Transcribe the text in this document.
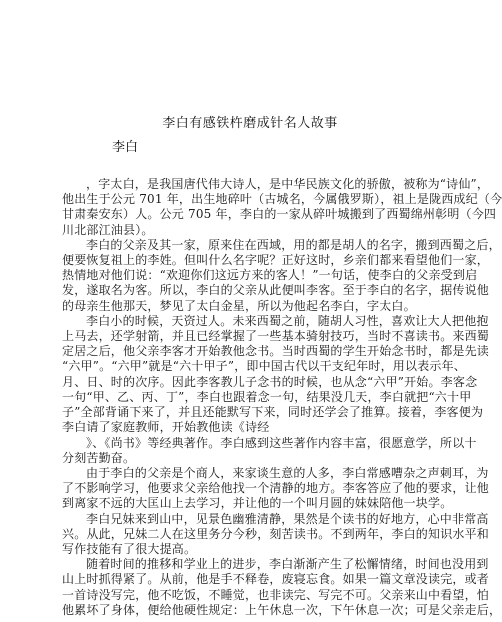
李白有感铁杵磨成针名人故事
李白
，字太白，是我国唐代伟大诗人，是中华民族文化的骄傲，被称为“诗仙”，
他出生于公元 701 年，出生地碎叶（古城名，今属俄罗斯），祖上是陇西成纪（今
甘肃秦安东）人。公元 705 年，李白的一家从碎叶城搬到了西蜀绵州彰明（今四
川北部江油县）。
李白的父亲及其一家，原来住在西域，用的都是胡人的名字，搬到西蜀之后，
便要恢复祖上的李姓。但叫什么名字呢？正好这时，乡亲们都来看望他们一家，
热情地对他们说：“欢迎你们这远方来的客人！”一句话，使李白的父亲受到启
发，遂取名为客。所以，李白的父亲从此便叫李客。至于李白的名字，据传说他
的母亲生他那天，梦见了太白金星，所以为他起名李白，字太白。
李白小的时候，天资过人。未来西蜀之前，随胡人习性，喜欢让大人把他抱
上马去，还学射箭，并且已经掌握了一些基本骑射技巧，当时不喜读书。来西蜀
定居之后，他父亲李客才开始教他念书。当时西蜀的学生开始念书时，都是先读
“六甲”。“六甲”就是“六十甲子”，即中国古代以干支纪年时，用以表示年、
月、日、时的次序。因此李客教儿子念书的时候，也从念“六甲”开始。李客念
一句“甲、乙、丙、丁”，李白也跟着念一句，结果没几天，李白就把“六十甲
子”全部背诵下来了，并且还能默写下来，同时还学会了推算。接着，李客便为
李白请了家庭教师，开始教他读《诗经
》、《尚书》等经典著作。李白感到这些著作内容丰富，很愿意学，所以十
分刻苦勤奋。
由于李白的父亲是个商人，来家谈生意的人多，李白常感嘈杂之声刺耳，为
了不影响学习，他要求父亲给他找一个清静的地方。李客答应了他的要求，让他
到离家不远的大匡山上去学习，并让他的一个叫月圆的妹妹陪他一块学。
李白兄妹来到山中，见景色幽雅清静，果然是个读书的好地方，心中非常高
兴。从此，兄妹二人在这里务分今秒，刻苦读书。不到两年，李白的知识水平和
写作技能有了很大提高。
随着时间的推移和学业上的进步，李白渐渐产生了松懈情绪，时间也没用到
山上时抓得紧了。从前，他是手不释卷，废寝忘食。如果一篇文章没读完，或者
一首诗没写完，他不吃饭，不睡觉，也非读完、写完不可。父亲来山中看望，怕
他累坏了身体，便给他硬性规定：上午休息一次，下午休息一次；可是父亲走后，
